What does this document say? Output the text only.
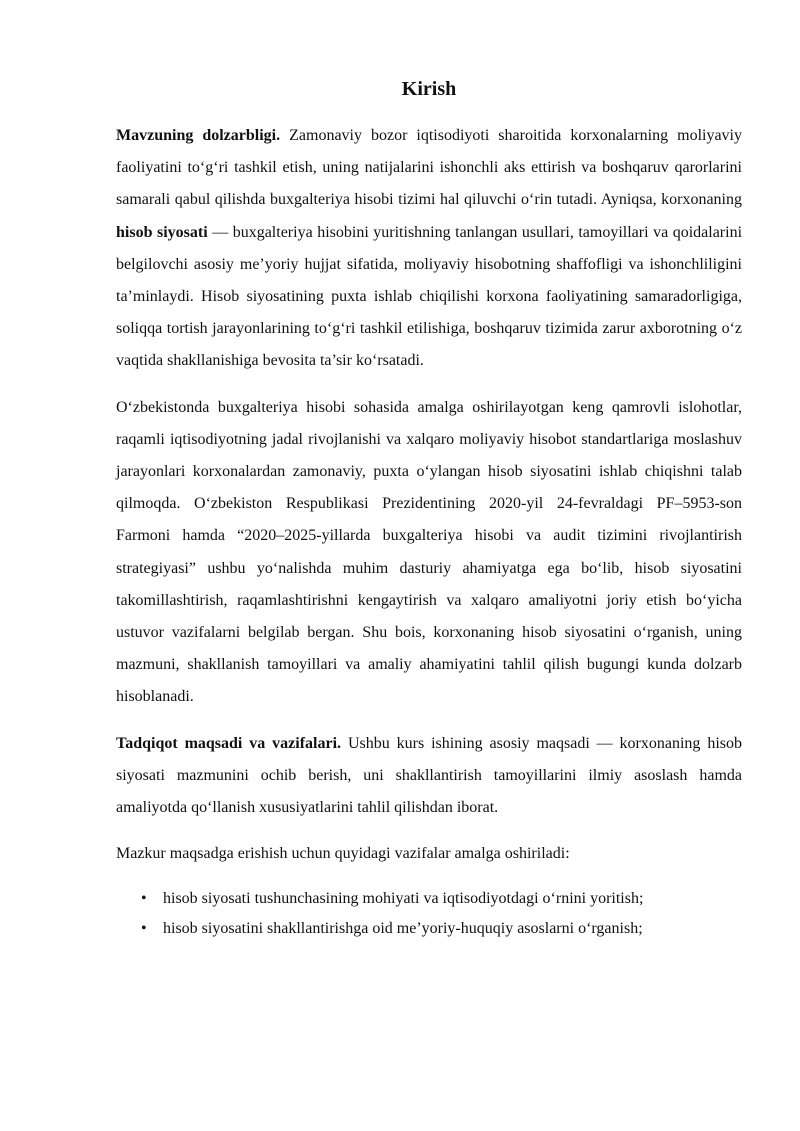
Kirish

Mavzuning dolzarbligi. Zamonaviy bozor iqtisodiyoti sharoitida korxonalarning moliyaviy faoliyatini to‘g‘ri tashkil etish, uning natijalarini ishonchli aks ettirish va boshqaruv qarorlarini samarali qabul qilishda buxgalteriya hisobi tizimi hal qiluvchi o‘rin tutadi. Ayniqsa, korxonaning hisob siyosati — buxgalteriya hisobini yuritishning tanlangan usullari, tamoyillari va qoidalarini belgilovchi asosiy me’yoriy hujjat sifatida, moliyaviy hisobotning shaffofligi va ishonchliligini ta’minlaydi. Hisob siyosatining puxta ishlab chiqilishi korxona faoliyatining samaradorligiga, soliqqa tortish jarayonlarining to‘g‘ri tashkil etilishiga, boshqaruv tizimida zarur axborotning o‘z vaqtida shakllanishiga bevosita ta’sir ko‘rsatadi.

O‘zbekistonda buxgalteriya hisobi sohasida amalga oshirilayotgan keng qamrovli islohotlar, raqamli iqtisodiyotning jadal rivojlanishi va xalqaro moliyaviy hisobot standartlariga moslashuv jarayonlari korxonalardan zamonaviy, puxta o‘ylangan hisob siyosatini ishlab chiqishni talab qilmoqda. O‘zbekiston Respublikasi Prezidentining 2020-yil 24-fevraldagi PF–5953-son Farmoni hamda “2020–2025-yillarda buxgalteriya hisobi va audit tizimini rivojlantirish strategiyasi” ushbu yo‘nalishda muhim dasturiy ahamiyatga ega bo‘lib, hisob siyosatini takomillashtirish, raqamlashtirishni kengaytirish va xalqaro amaliyotni joriy etish bo‘yicha ustuvor vazifalarni belgilab bergan. Shu bois, korxonaning hisob siyosatini o‘rganish, uning mazmuni, shakllanish tamoyillari va amaliy ahamiyatini tahlil qilish bugungi kunda dolzarb hisoblanadi.

Tadqiqot maqsadi va vazifalari. Ushbu kurs ishining asosiy maqsadi — korxonaning hisob siyosati mazmunini ochib berish, uni shakllantirish tamoyillarini ilmiy asoslash hamda amaliyotda qo‘llanish xususiyatlarini tahlil qilishdan iborat.

Mazkur maqsadga erishish uchun quyidagi vazifalar amalga oshiriladi:

• hisob siyosati tushunchasining mohiyati va iqtisodiyotdagi o‘rnini yoritish;
• hisob siyosatini shakllantirishga oid me’yoriy-huquqiy asoslarni o‘rganish;
